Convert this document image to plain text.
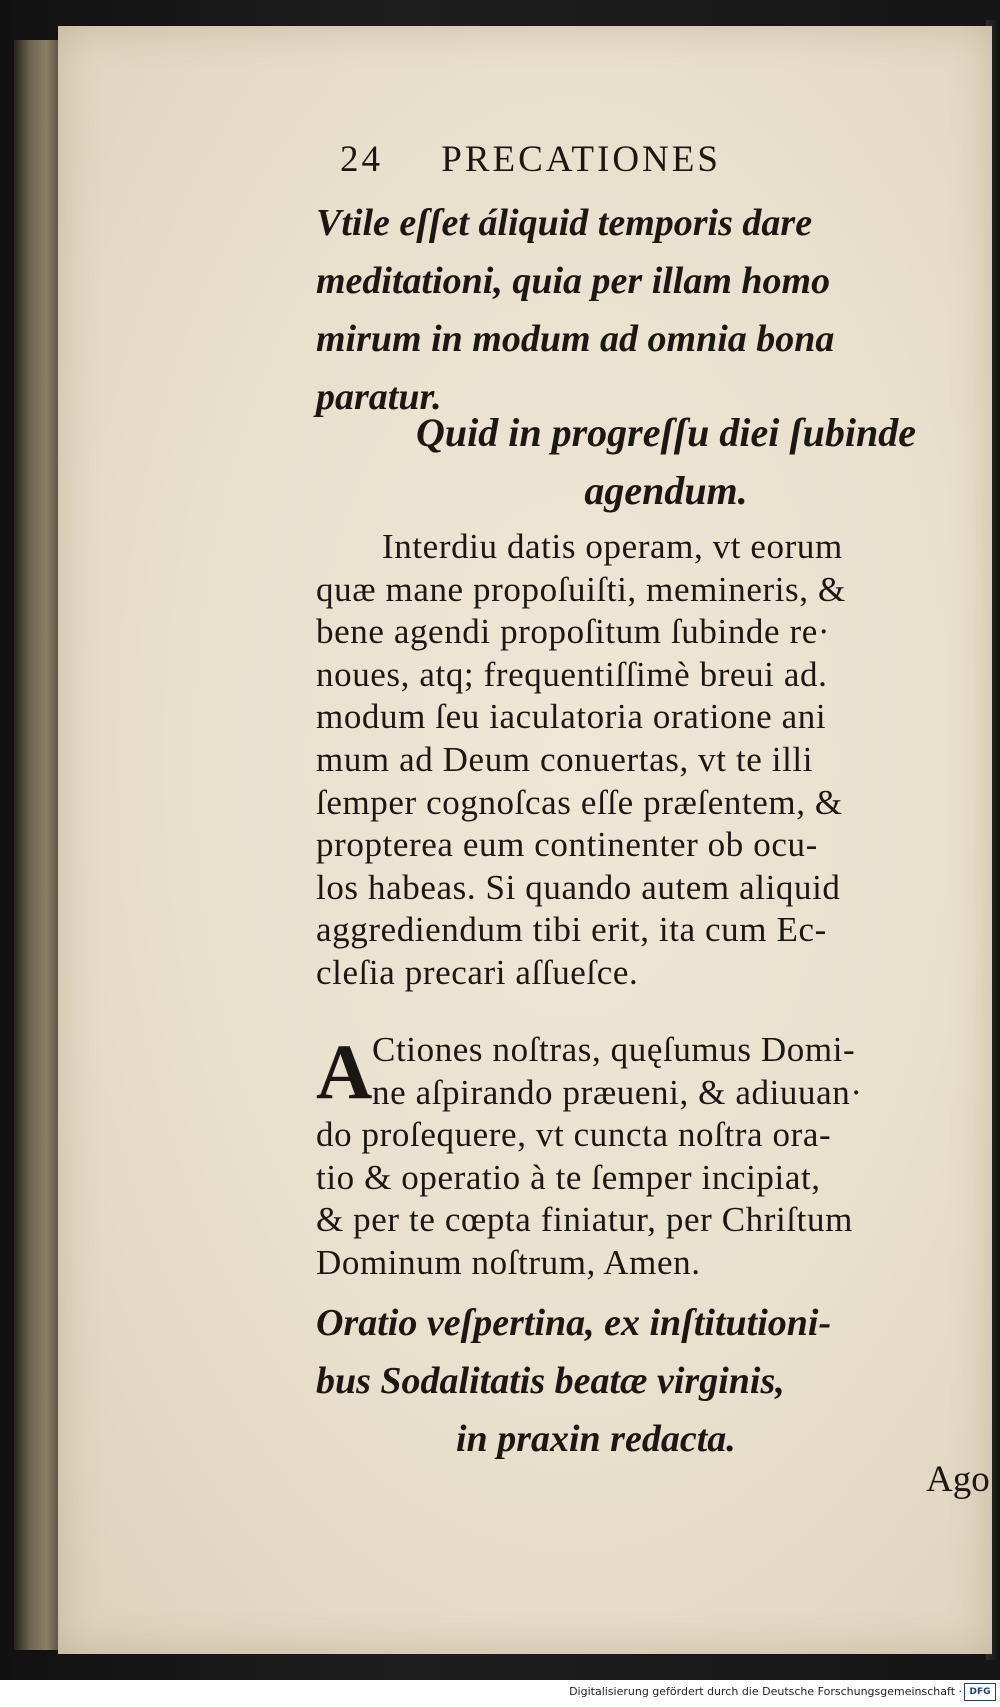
24 PRECATIONES
Vtile eſſet áliquid temporis dare
meditationi, quia per illam homo
mirum in modum ad omnia bona
paratur.
Quid in progreſſu diei ſubinde
agendum.
Interdiu datis operam, vt eorum
quæ mane propoſuiſti, memineris, &
bene agendi propoſitum ſubinde re·
noues, atq; frequentiſſimè breui ad.
modum ſeu iaculatoria oratione ani
mum ad Deum conuertas, vt te illi
ſemper cognoſcas eſſe præſentem, &
propterea eum continenter ob ocu-
los habeas. Si quando autem aliquid
aggrediendum tibi erit, ita cum Ec-
cleſia precari aſſueſce.
A Ctiones noſtras, quęſumus Domi-
ne aſpirando præueni, & adiuuan·
do proſequere, vt cuncta noſtra ora-
tio & operatio à te ſemper incipiat,
& per te cœpta finiatur, per Chriſtum
Dominum noſtrum, Amen.
Oratio veſpertina, ex inſtitutioni-
bus Sodalitatis beatæ virginis,
in praxin redacta.
Ago
Digitalisierung gefördert durch die Deutsche Forschungsgemeinschaft · DFG
